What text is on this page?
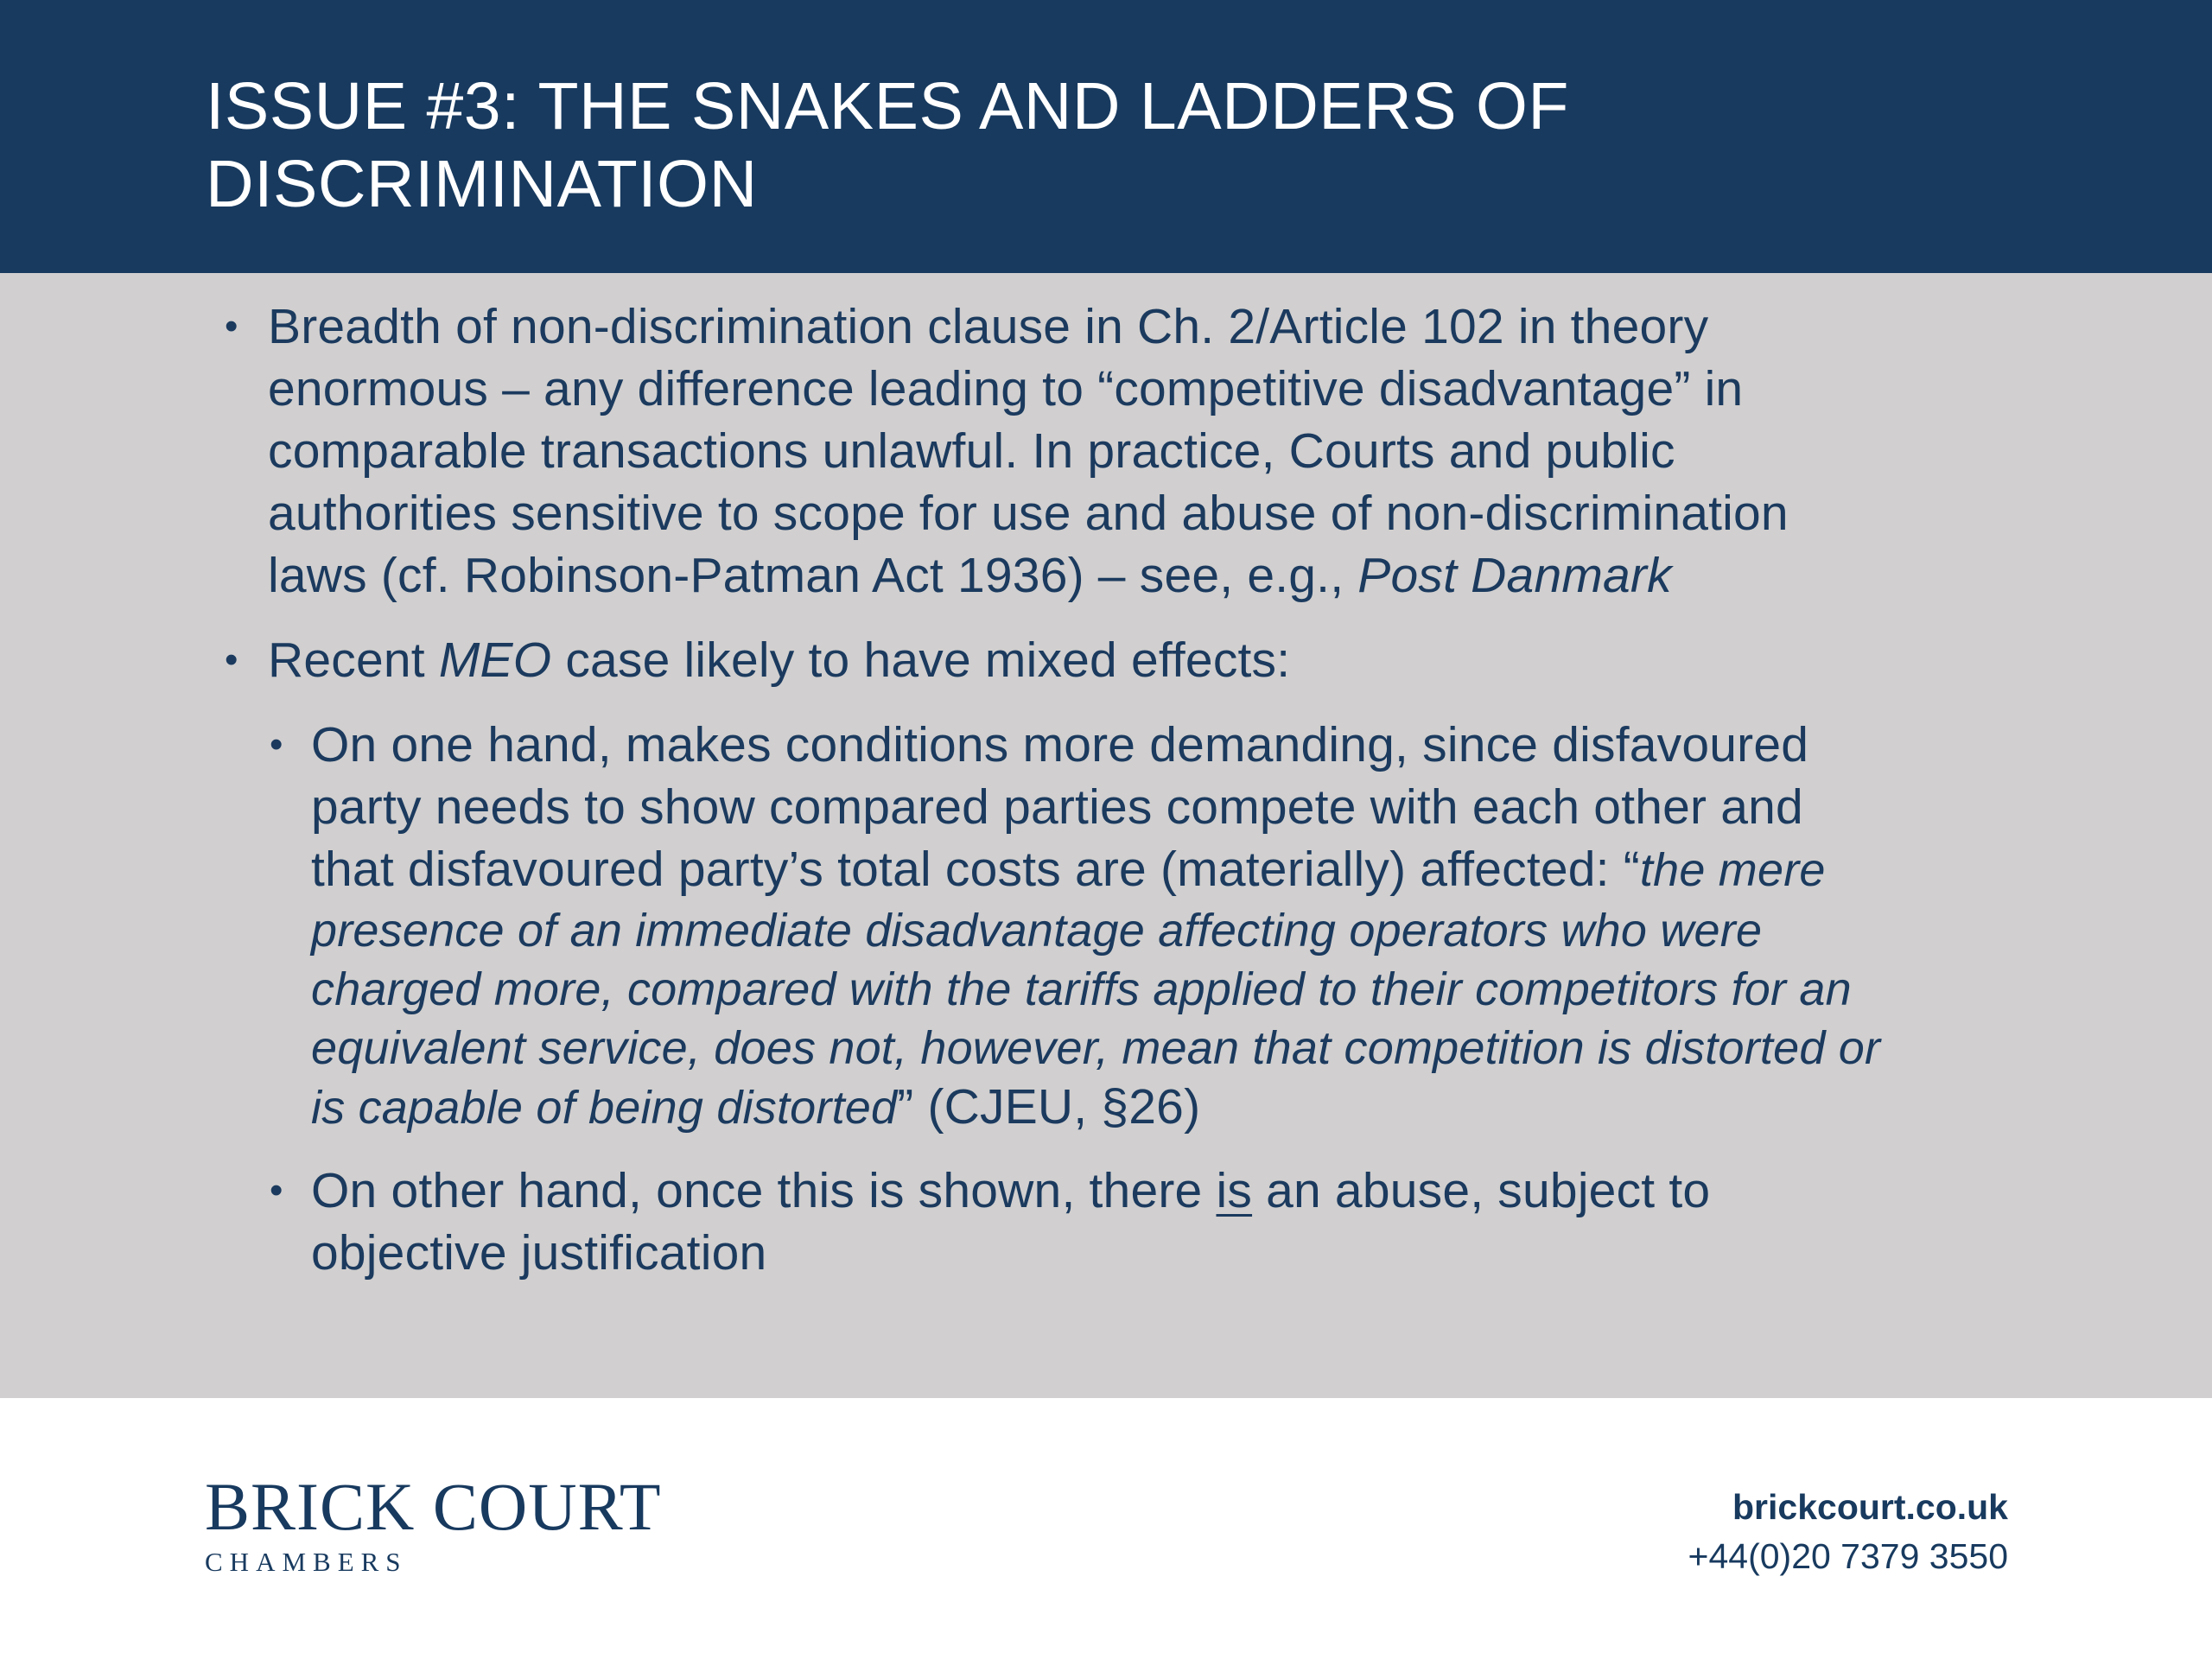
ISSUE #3: THE SNAKES AND LADDERS OF
DISCRIMINATION
• Breadth of non-discrimination clause in Ch. 2/Article 102 in theory
enormous – any difference leading to “competitive disadvantage” in
comparable transactions unlawful. In practice, Courts and public
authorities sensitive to scope for use and abuse of non-discrimination
laws (cf. Robinson-Patman Act 1936) – see, e.g., Post Danmark
• Recent MEO case likely to have mixed effects:
• On one hand, makes conditions more demanding, since disfavoured
party needs to show compared parties compete with each other and
that disfavoured party’s total costs are (materially) affected: “the mere
presence of an immediate disadvantage affecting operators who were
charged more, compared with the tariffs applied to their competitors for an
equivalent service, does not, however, mean that competition is distorted or
is capable of being distorted” (CJEU, §26)
• On other hand, once this is shown, there is an abuse, subject to
objective justification
BRICK COURT
CHAMBERS
brickcourt.co.uk
+44(0)20 7379 3550
